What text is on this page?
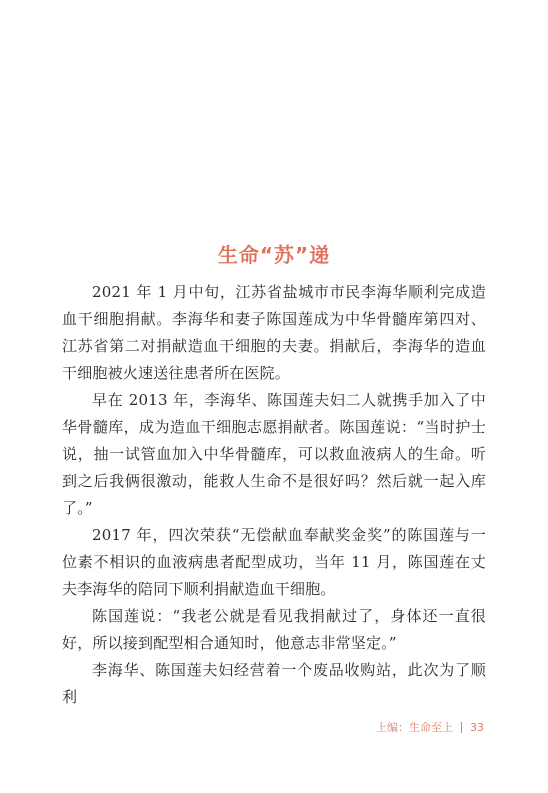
生命“苏”递

2021 年 1 月中旬，江苏省盐城市市民李海华顺利完成造血干细胞捐献。李海华和妻子陈国莲成为中华骨髓库第四对、江苏省第二对捐献造血干细胞的夫妻。捐献后，李海华的造血干细胞被火速送往患者所在医院。

早在 2013 年，李海华、陈国莲夫妇二人就携手加入了中华骨髓库，成为造血干细胞志愿捐献者。陈国莲说：“当时护士说，抽一试管血加入中华骨髓库，可以救血液病人的生命。听到之后我俩很激动，能救人生命不是很好吗？然后就一起入库了。”

2017 年，四次荣获“无偿献血奉献奖金奖”的陈国莲与一位素不相识的血液病患者配型成功，当年 11 月，陈国莲在丈夫李海华的陪同下顺利捐献造血干细胞。

陈国莲说：“我老公就是看见我捐献过了，身体还一直很好，所以接到配型相合通知时，他意志非常坚定。”

李海华、陈国莲夫妇经营着一个废品收购站，此次为了顺利

上编：生命至上 33
